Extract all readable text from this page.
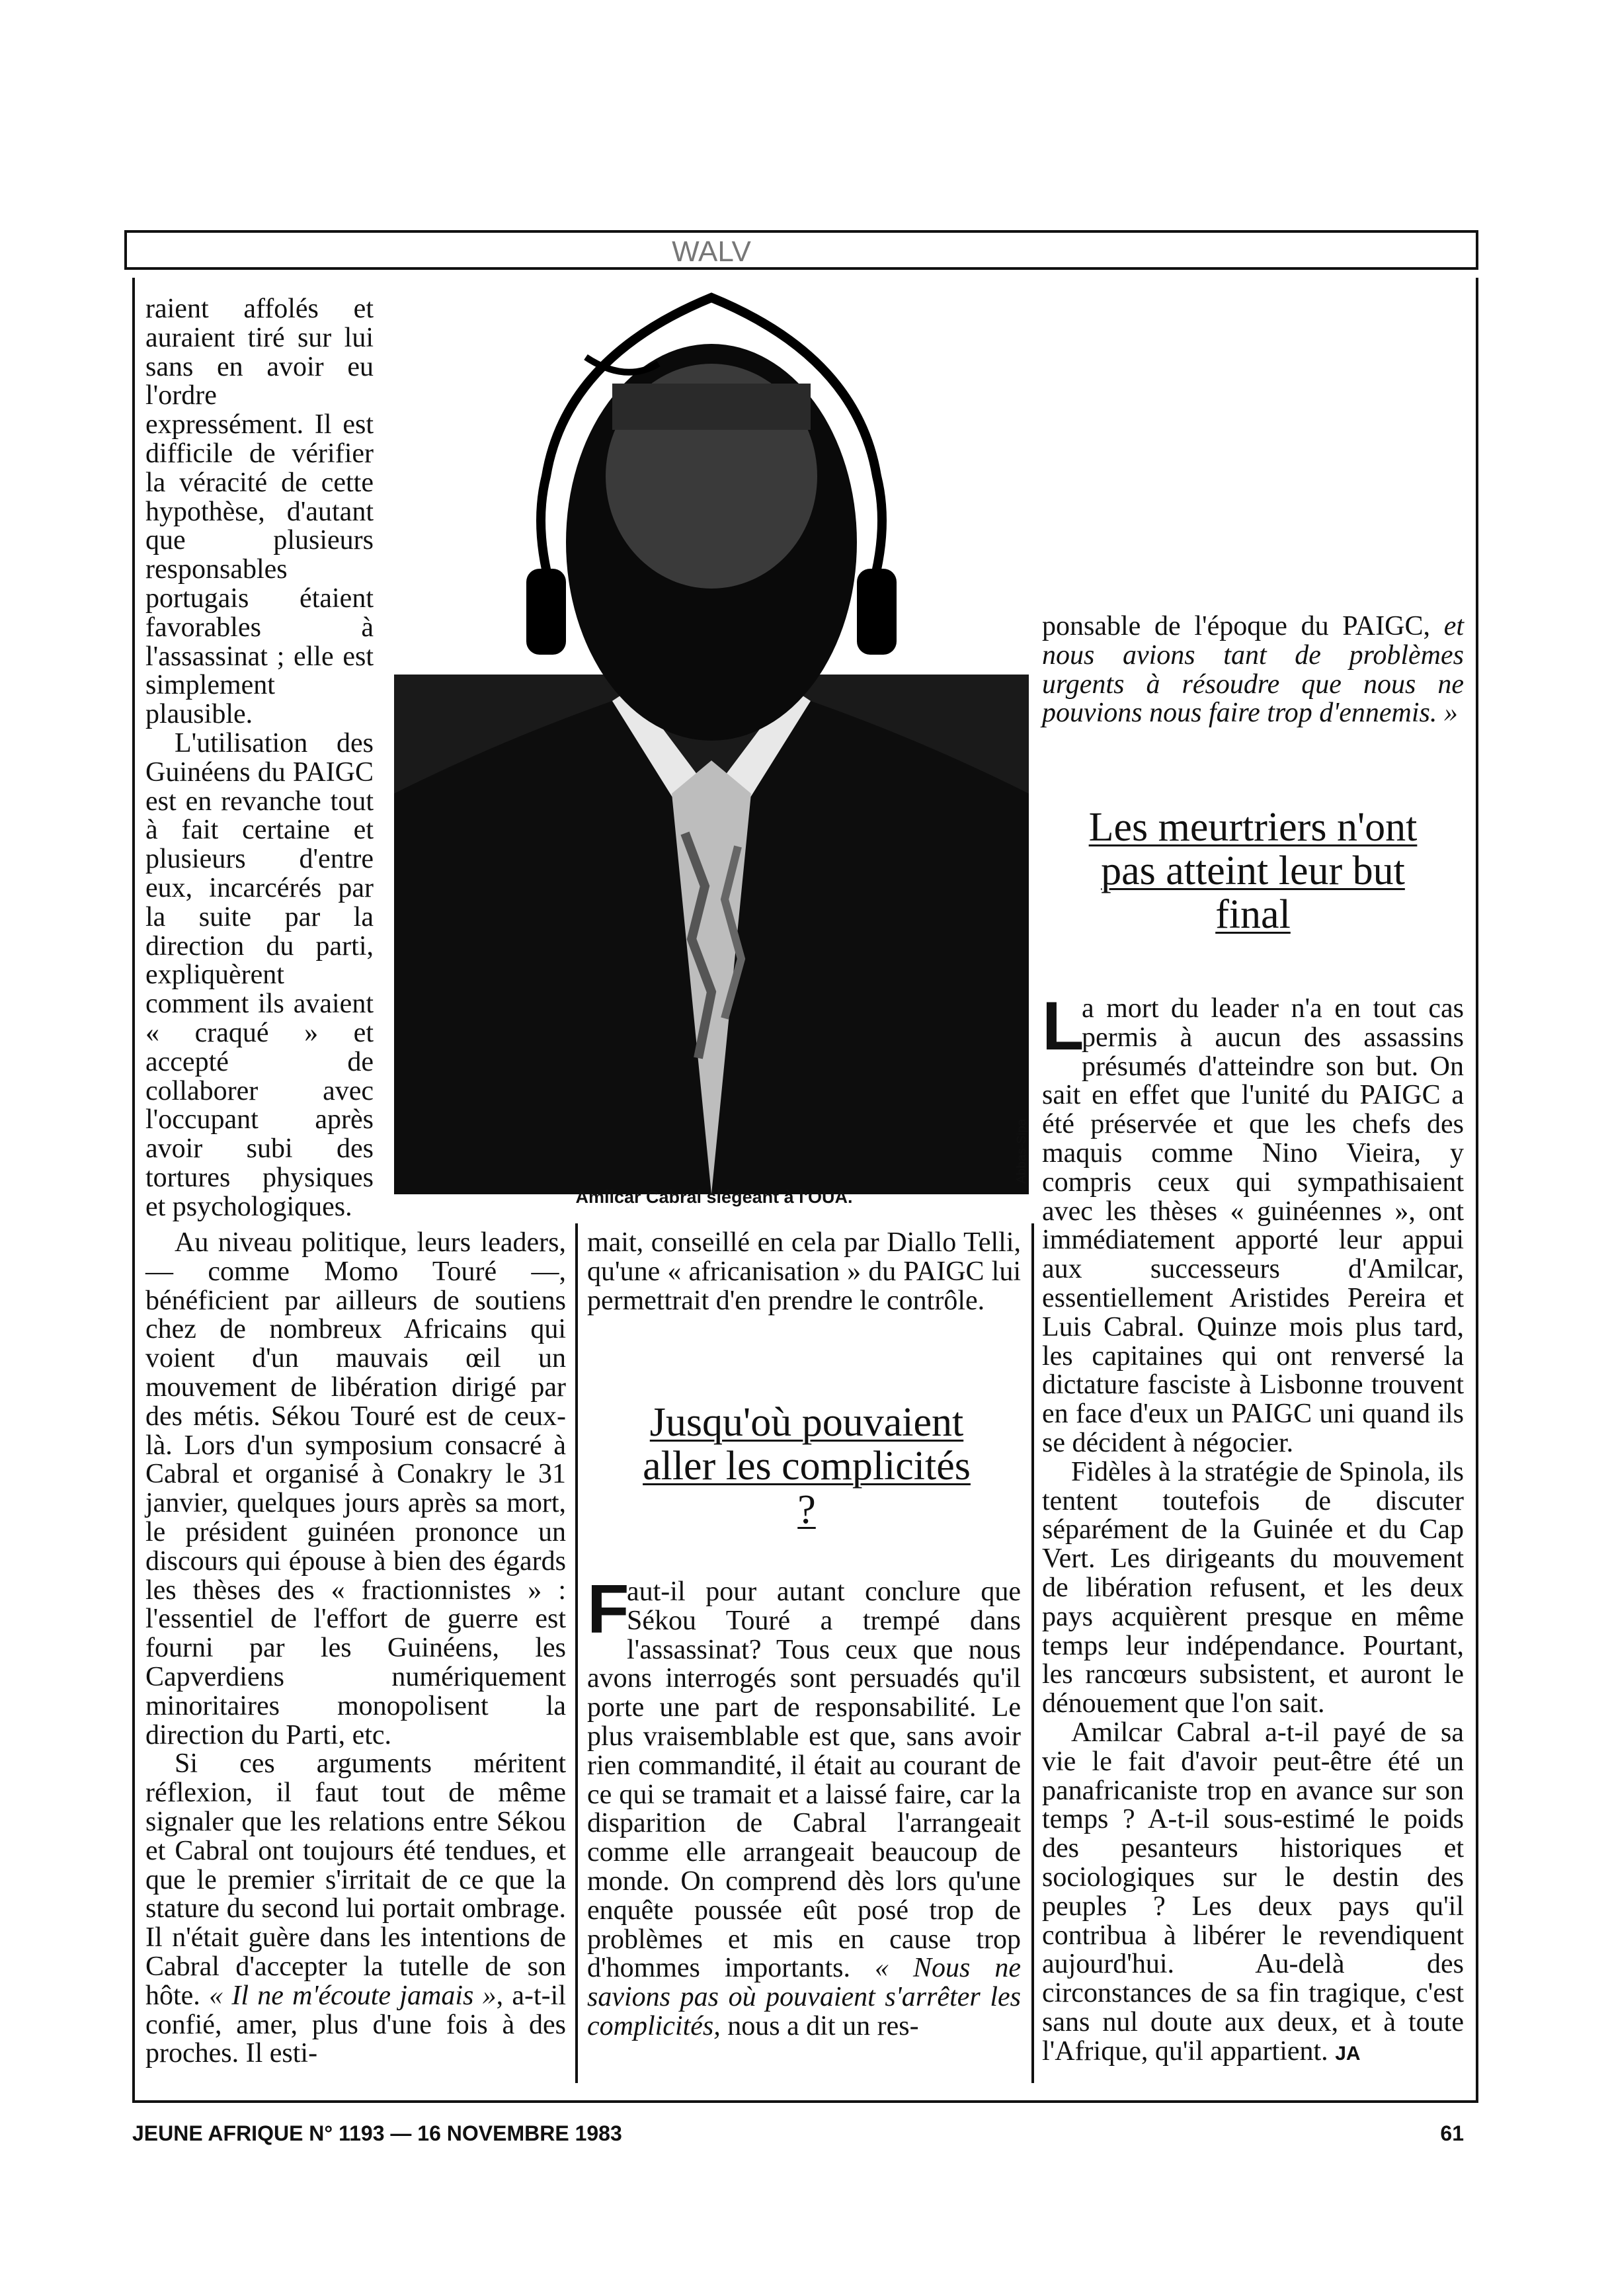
WALV
Abbas-Sipa
Amilcar Cabral siégeant à l'OUA.

raient affolés et auraient tiré sur lui sans en avoir eu l'ordre expressément. Il est difficile de vérifier la véracité de cette hypothèse, d'autant que plusieurs responsables portugais étaient favorables à l'assassinat ; elle est simplement plausible.

L'utilisation des Guinéens du PAIGC est en revanche tout à fait certaine et plusieurs d'entre eux, incarcérés par la suite par la direction du parti, expliquèrent comment ils avaient « craqué » et accepté de collaborer avec l'occupant après avoir subi des tortures physiques et psychologiques.

Au niveau politique, leurs leaders, — comme Momo Touré —, bénéficient par ailleurs de soutiens chez de nombreux Africains qui voient d'un mauvais œil un mouvement de libération dirigé par des métis. Sékou Touré est de ceux-là. Lors d'un symposium consacré à Cabral et organisé à Conakry le 31 janvier, quelques jours après sa mort, le président guinéen prononce un discours qui épouse à bien des égards les thèses des « fractionnistes » : l'essentiel de l'effort de guerre est fourni par les Guinéens, les Capverdiens numériquement minoritaires monopolisent la direction du Parti, etc.

Si ces arguments méritent réflexion, il faut tout de même signaler que les relations entre Sékou et Cabral ont toujours été tendues, et que le premier s'irritait de ce que la stature du second lui portait ombrage. Il n'était guère dans les intentions de Cabral d'accepter la tutelle de son hôte. « Il ne m'écoute jamais », a-t-il confié, amer, plus d'une fois à des proches. Il esti-

mait, conseillé en cela par Diallo Telli, qu'une « africanisation » du PAIGC lui permettrait d'en prendre le contrôle.
Jusqu'où pouvaient aller les complicités ?

F
aut-il pour autant conclure que Sékou Touré a trempé dans l'assassinat? Tous ceux que nous avons interrogés sont persuadés qu'il porte une part de responsabilité. Le plus vraisemblable est que, sans avoir rien commandité, il était au courant de ce qui se tramait et a laissé faire, car la disparition de Cabral l'arrangeait comme elle arrangeait beaucoup de monde. On comprend dès lors qu'une enquête poussée eût posé trop de problèmes et mis en cause trop d'hommes importants. « Nous ne savions pas où pouvaient s'arrêter les complicités, nous a dit un res-

ponsable de l'époque du PAIGC, et nous avions tant de problèmes urgents à résoudre que nous ne pouvions nous faire trop d'ennemis. »

Les meurtriers n'ont pas atteint leur but final

L
a mort du leader n'a en tout cas permis à aucun des assassins présumés d'atteindre son but. On sait en effet que l'unité du PAIGC a été préservée et que les chefs des maquis comme Nino Vieira, y compris ceux qui sympathisaient avec les thèses « guinéennes », ont immédiatement apporté leur appui aux successeurs d'Amilcar, essentiellement Aristides Pereira et Luis Cabral. Quinze mois plus tard, les capitaines qui ont renversé la dictature fasciste à Lisbonne trouvent en face d'eux un PAIGC uni quand ils se décident à négocier.

Fidèles à la stratégie de Spinola, ils tentent toutefois de discuter séparément de la Guinée et du Cap Vert. Les dirigeants du mouvement de libération refusent, et les deux pays acquièrent presque en même temps leur indépendance. Pourtant, les rancœurs subsistent, et auront le dénouement que l'on sait.

Amilcar Cabral a-t-il payé de sa vie le fait d'avoir peut-être été un panafricaniste trop en avance sur son temps ? A-t-il sous-estimé le poids des pesanteurs historiques et sociologiques sur le destin des peuples ? Les deux pays qu'il contribua à libérer le revendiquent aujourd'hui. Au-delà des circonstances de sa fin tragique, c'est sans nul doute aux deux, et à toute l'Afrique, qu'il appartient. JA

JEUNE AFRIQUE N° 1193 — 16 NOVEMBRE 1983	61
